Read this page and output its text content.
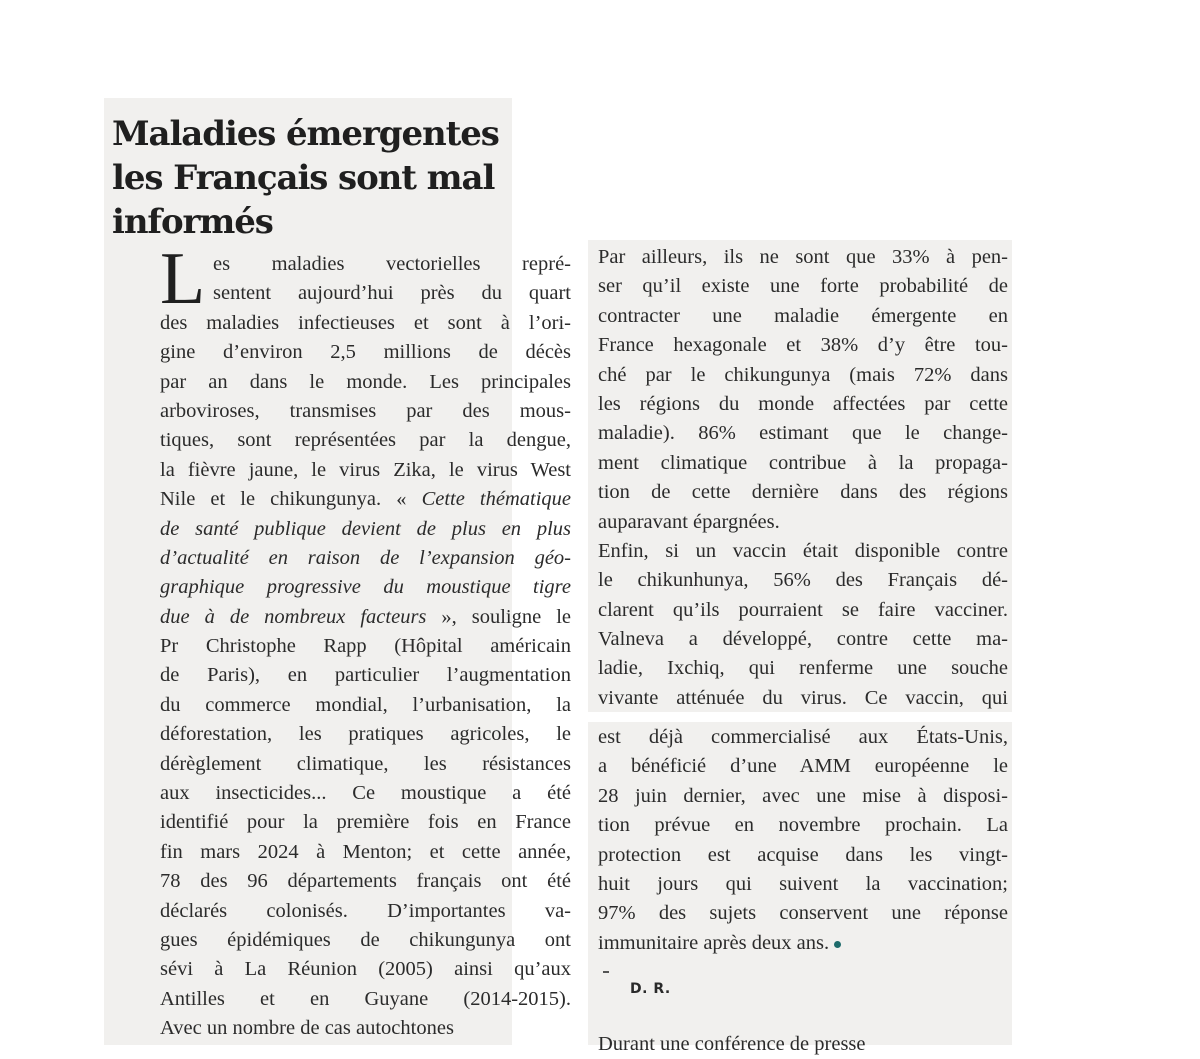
Maladies émergentes
les Français sont mal
informés
L es maladies vectorielles repré-
sentent aujourd’hui près du quart
des maladies infectieuses et sont à l’ori-
gine d’environ 2,5 millions de décès
par an dans le monde. Les principales
arboviroses, transmises par des mous-
tiques, sont représentées par la dengue,
la fièvre jaune, le virus Zika, le virus West
Nile et le chikungunya. « Cette thématique
de santé publique devient de plus en plus
d’actualité en raison de l’expansion géo-
graphique progressive du moustique tigre
due à de nombreux facteurs », souligne le
Pr Christophe Rapp (Hôpital américain
de Paris), en particulier l’augmentation
du commerce mondial, l’urbanisation, la
déforestation, les pratiques agricoles, le
dérèglement climatique, les résistances
aux insecticides... Ce moustique a été
identifié pour la première fois en France
fin mars 2024 à Menton; et cette année,
78 des 96 départements français ont été
déclarés colonisés. D’importantes va-
gues épidémiques de chikungunya ont
sévi à La Réunion (2005) ainsi qu’aux
Antilles et en Guyane (2014-2015).
Avec un nombre de cas autochtones
Par ailleurs, ils ne sont que 33% à pen-
ser qu’il existe une forte probabilité de
contracter une maladie émergente en
France hexagonale et 38% d’y être tou-
ché par le chikungunya (mais 72% dans
les régions du monde affectées par cette
maladie). 86% estimant que le change-
ment climatique contribue à la propaga-
tion de cette dernière dans des régions
auparavant épargnées.
Enfin, si un vaccin était disponible contre
le chikunhunya, 56% des Français dé-
clarent qu’ils pourraient se faire vacciner.
Valneva a développé, contre cette ma-
ladie, Ixchiq, qui renferme une souche
vivante atténuée du virus. Ce vaccin, qui
est déjà commercialisé aux États-Unis,
a bénéficié d’une AMM européenne le
28 juin dernier, avec une mise à disposi-
tion prévue en novembre prochain. La
protection est acquise dans les vingt-
huit jours qui suivent la vaccination;
97% des sujets conservent une réponse
immunitaire après deux ans.
D. R.
Durant une conférence de presse
